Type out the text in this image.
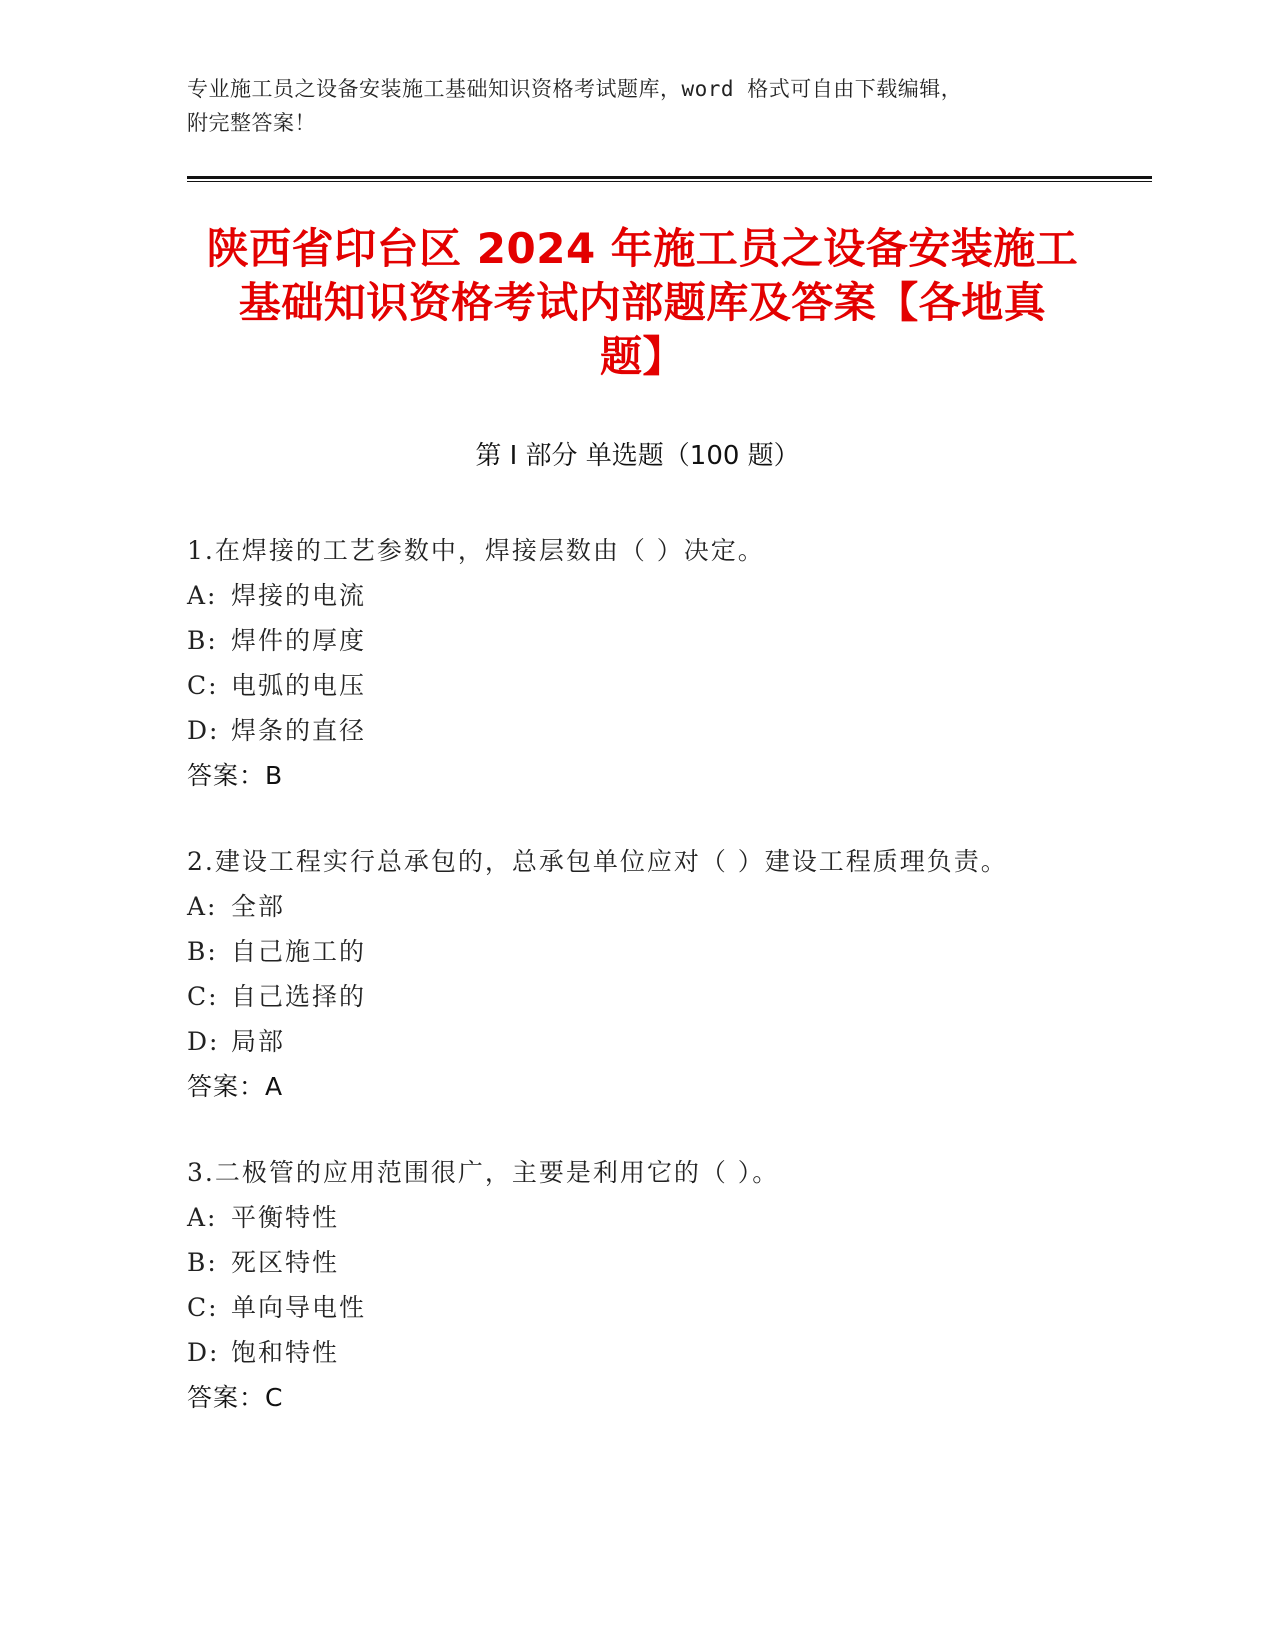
专业施工员之设备安装施工基础知识资格考试题库，word 格式可自由下载编辑，
附完整答案！
陕西省印台区 2024 年施工员之设备安装施工
基础知识资格考试内部题库及答案【各地真
题】
第 I 部分 单选题（100 题）
1.在焊接的工艺参数中，焊接层数由（ ）决定。
A: 焊接的电流
B: 焊件的厚度
C: 电弧的电压
D: 焊条的直径
答案：B
2.建设工程实行总承包的，总承包单位应对（ ）建设工程质理负责。
A: 全部
B: 自己施工的
C: 自己选择的
D: 局部
答案：A
3.二极管的应用范围很广，主要是利用它的（ ）。
A: 平衡特性
B: 死区特性
C: 单向导电性
D: 饱和特性
答案：C
